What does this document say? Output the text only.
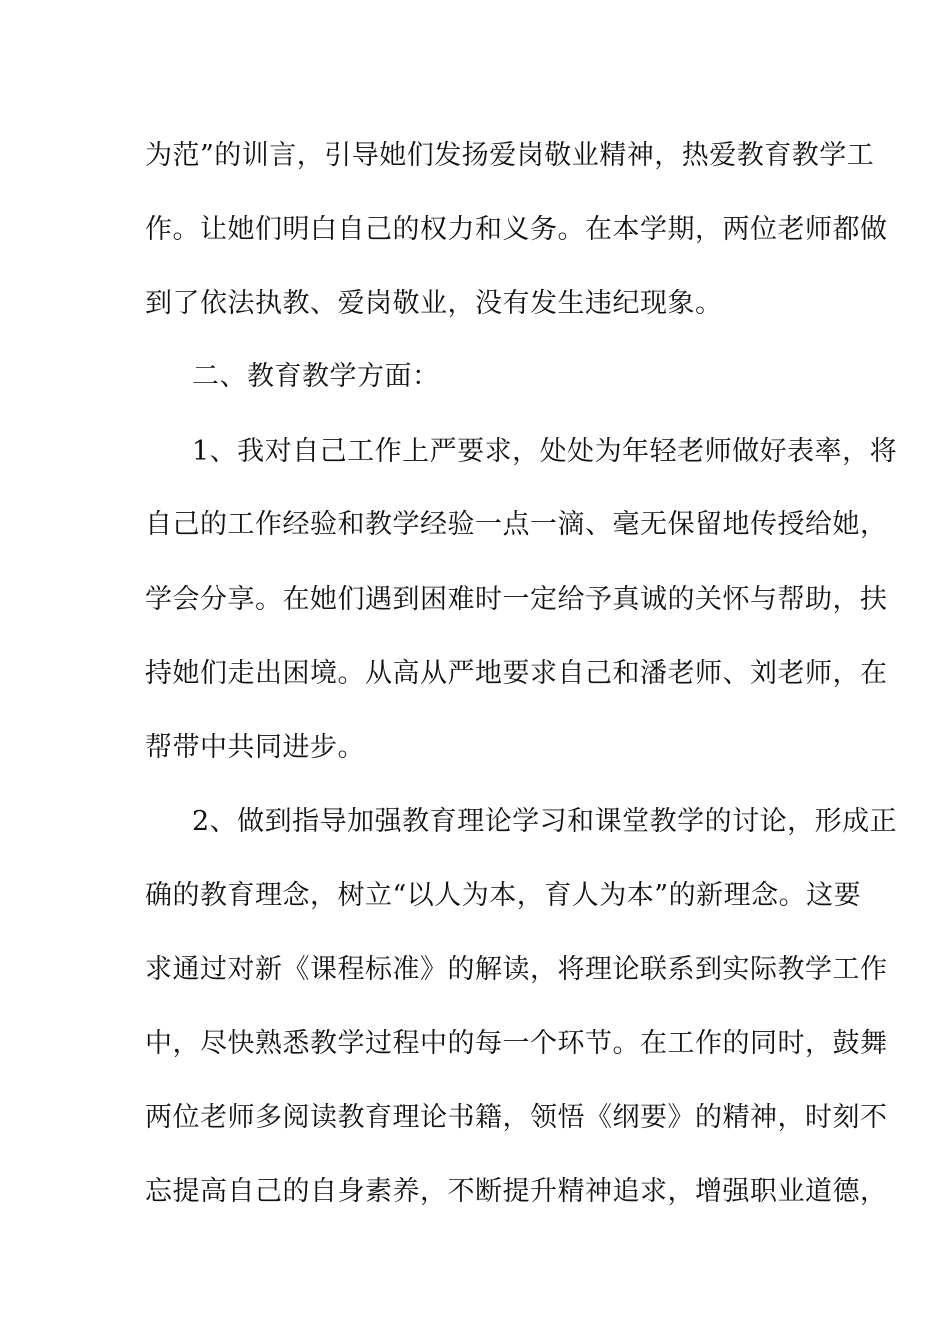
为范”的训言，引导她们发扬爱岗敬业精神，热爱教育教学工
作。让她们明白自己的权力和义务。在本学期，两位老师都做
到了依法执教、爱岗敬业，没有发生违纪现象。
二、教育教学方面：
1、我对自己工作上严要求，处处为年轻老师做好表率，将
自己的工作经验和教学经验一点一滴、毫无保留地传授给她，
学会分享。在她们遇到困难时一定给予真诚的关怀与帮助，扶
持她们走出困境。从高从严地要求自己和潘老师、刘老师，在
帮带中共同进步。
2、做到指导加强教育理论学习和课堂教学的讨论，形成正
确的教育理念，树立“以人为本，育人为本”的新理念。这要
求通过对新《课程标准》的解读，将理论联系到实际教学工作
中，尽快熟悉教学过程中的每一个环节。在工作的同时，鼓舞
两位老师多阅读教育理论书籍，领悟《纲要》的精神，时刻不
忘提高自己的自身素养，不断提升精神追求，增强职业道德，
